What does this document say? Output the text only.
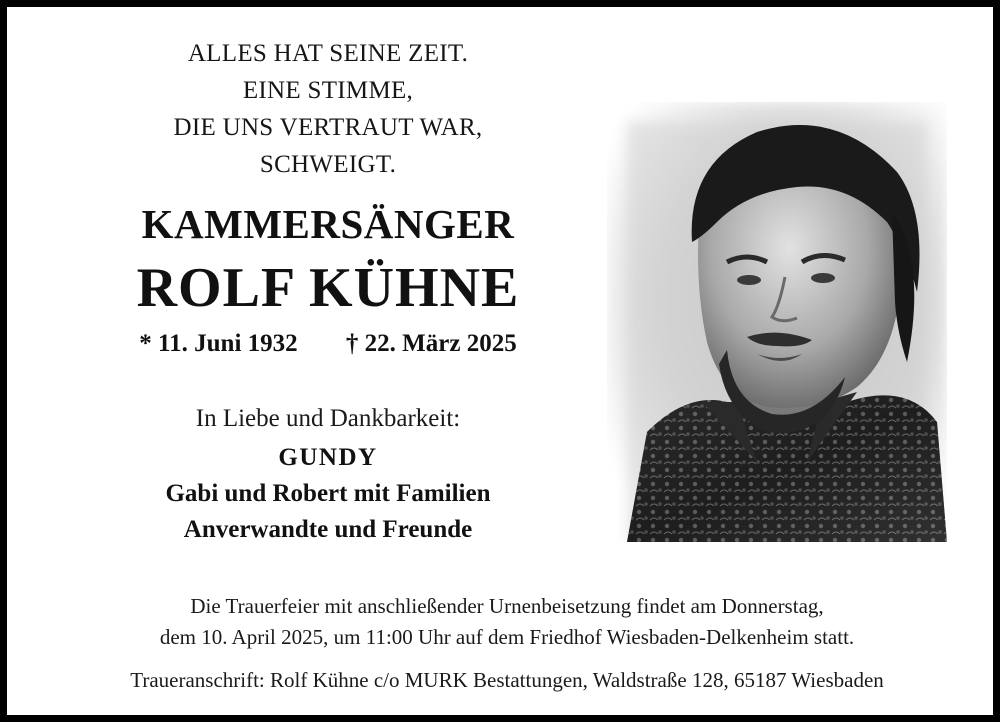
ALLES HAT SEINE ZEIT.
EINE STIMME,
DIE UNS VERTRAUT WAR,
SCHWEIGT.
KAMMERSÄNGER
ROLF KÜHNE
* 11. Juni 1932 † 22. März 2025
In Liebe und Dankbarkeit:
GUNDY
Gabi und Robert mit Familien
Anverwandte und Freunde
Die Trauerfeier mit anschließender Urnenbeisetzung findet am Donnerstag,
dem 10. April 2025, um 11:00 Uhr auf dem Friedhof Wiesbaden-Delkenheim statt.
Traueranschrift: Rolf Kühne c/o MURK Bestattungen, Waldstraße 128, 65187 Wiesbaden
